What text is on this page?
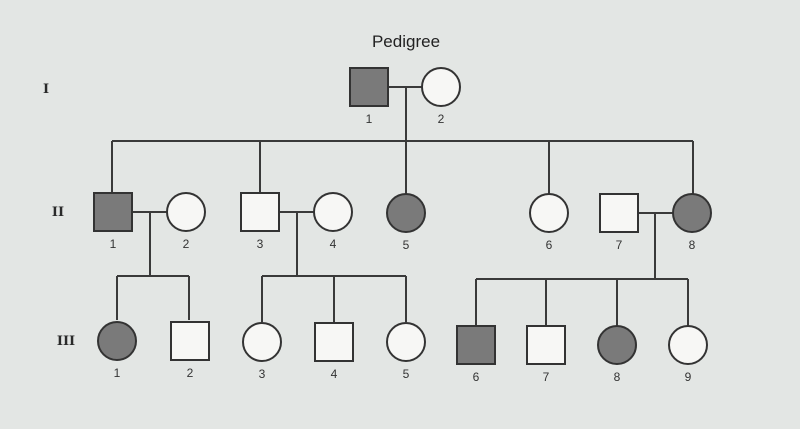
Pedigree
I
II
III
1	2
1	2	3	4	5	6	7	8
1	2	3	4	5	6	7	8	9
